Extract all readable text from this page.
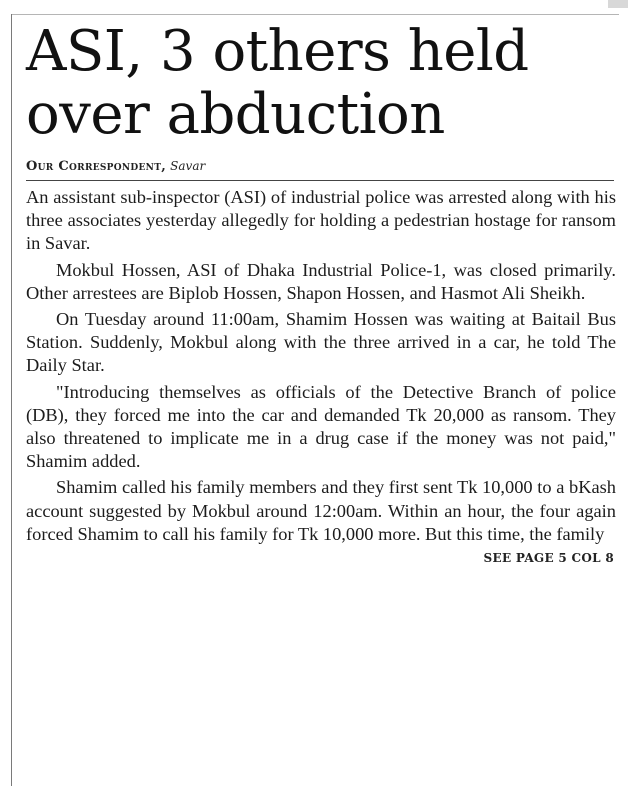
ASI, 3 others held
over abduction
Our Correspondent, Savar

An assistant sub-inspector (ASI) of industrial police was arrested along with his three associates yesterday allegedly for holding a pedestrian hostage for ransom in Savar.

Mokbul Hossen, ASI of Dhaka Industrial Police-1, was closed primarily. Other arrestees are Biplob Hossen, Shapon Hossen, and Hasmot Ali Sheikh.

On Tuesday around 11:00am, Shamim Hossen was waiting at Baitail Bus Station. Suddenly, Mokbul along with the three arrived in a car, he told The Daily Star.

"Introducing themselves as officials of the Detective Branch of police (DB), they forced me into the car and demanded Tk 20,000 as ransom. They also threatened to implicate me in a drug case if the money was not paid," Shamim added.

Shamim called his family members and they first sent Tk 10,000 to a bKash account suggested by Mokbul around 12:00am. Within an hour, the four again forced Shamim to call his family for Tk 10,000 more. But this time, the family

SEE PAGE 5 COL 8
